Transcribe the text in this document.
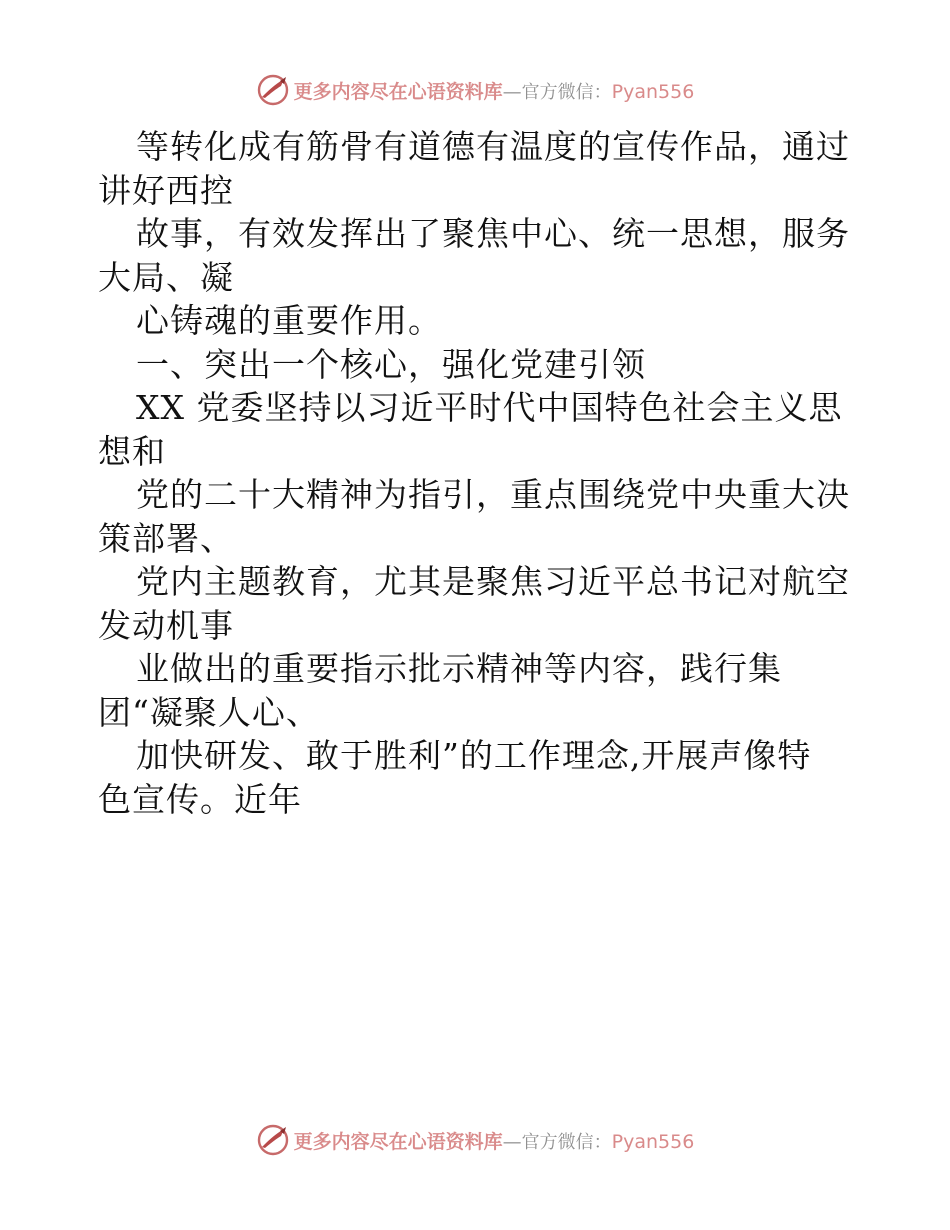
更多内容尽在心语资料库 — 官方微信： Pyan556
等转化成有筋骨有道德有温度的宣传作品，通过
讲好西控
故事，有效发挥出了聚焦中心、统一思想，服务
大局、凝
心铸魂的重要作用。
一、突出一个核心，强化党建引领
XX 党委坚持以习近平时代中国特色社会主义思
想和
党的二十大精神为指引，重点围绕党中央重大决
策部署、
党内主题教育，尤其是聚焦习近平总书记对航空
发动机事
业做出的重要指示批示精神等内容，践行集
团“凝聚人心、
加快研发、敢于胜利”的工作理念,开展声像特
色宣传。近年
更多内容尽在心语资料库 — 官方微信： Pyan556
